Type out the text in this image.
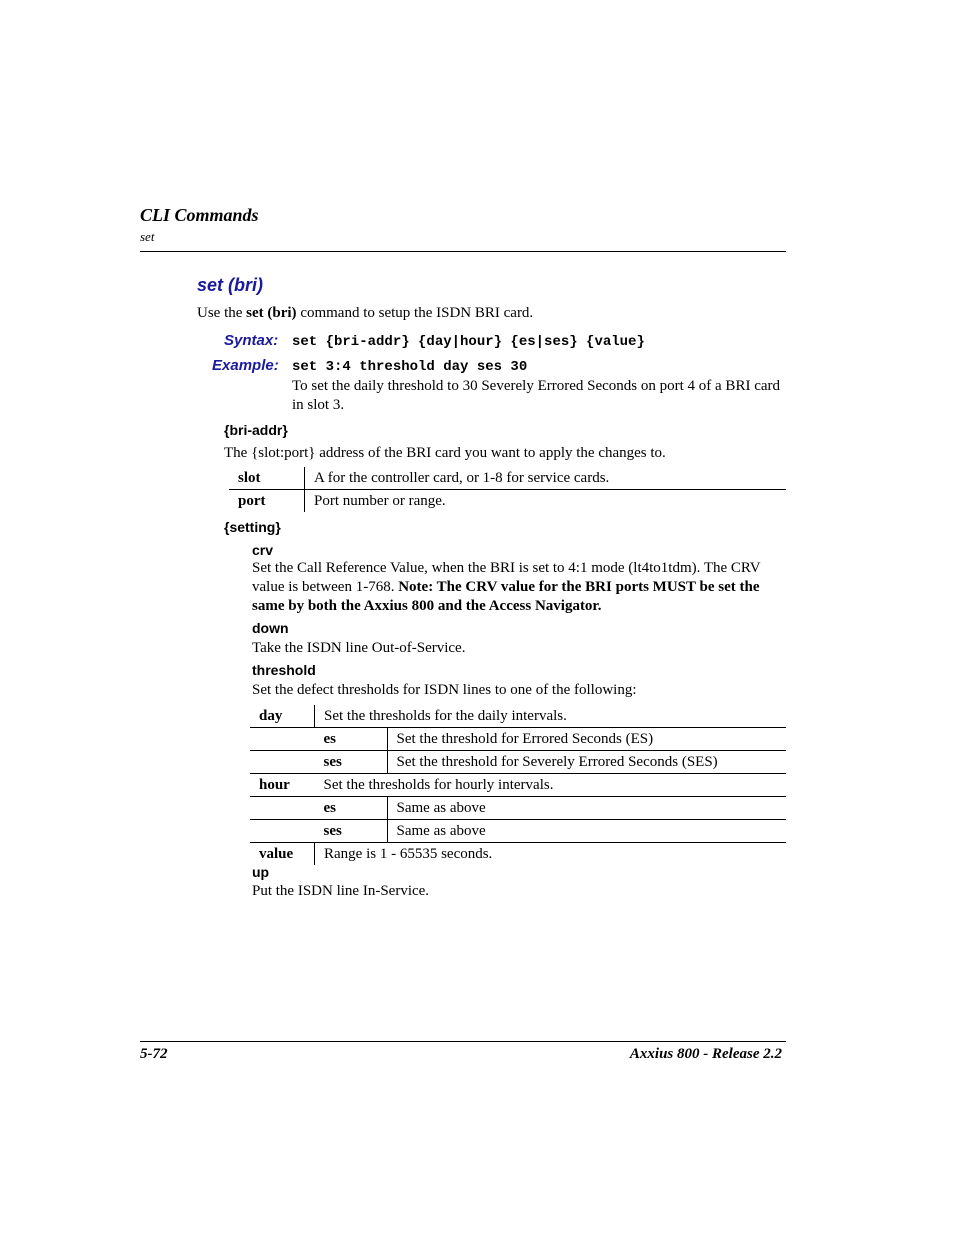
CLI Commands
set
set (bri)
Use the set (bri) command to setup the ISDN BRI card.
Syntax: set {bri-addr} {day|hour} {es|ses} {value}
Example: set 3:4 threshold day ses 30
To set the daily threshold to 30 Severely Errored Seconds on port 4 of a BRI card
in slot 3.
{bri-addr}
The {slot:port} address of the BRI card you want to apply the changes to.
slot	A for the controller card, or 1-8 for service cards.
port	Port number or range.
{setting}
crv
Set the Call Reference Value, when the BRI is set to 4:1 mode (lt4to1tdm). The CRV
value is between 1-768. Note: The CRV value for the BRI ports MUST be set the
same by both the Axxius 800 and the Access Navigator.
down
Take the ISDN line Out-of-Service.
threshold
Set the defect thresholds for ISDN lines to one of the following:
day	Set the thresholds for the daily intervals.	
	es	Set the threshold for Errored Seconds (ES)
	ses	Set the threshold for Severely Errored Seconds (SES)
hour	Set the thresholds for hourly intervals.	
	es	Same as above
	ses	Same as above
value	Range is 1 - 65535 seconds.	
up
Put the ISDN line In-Service.
5-72	Axxius 800 - Release 2.2
